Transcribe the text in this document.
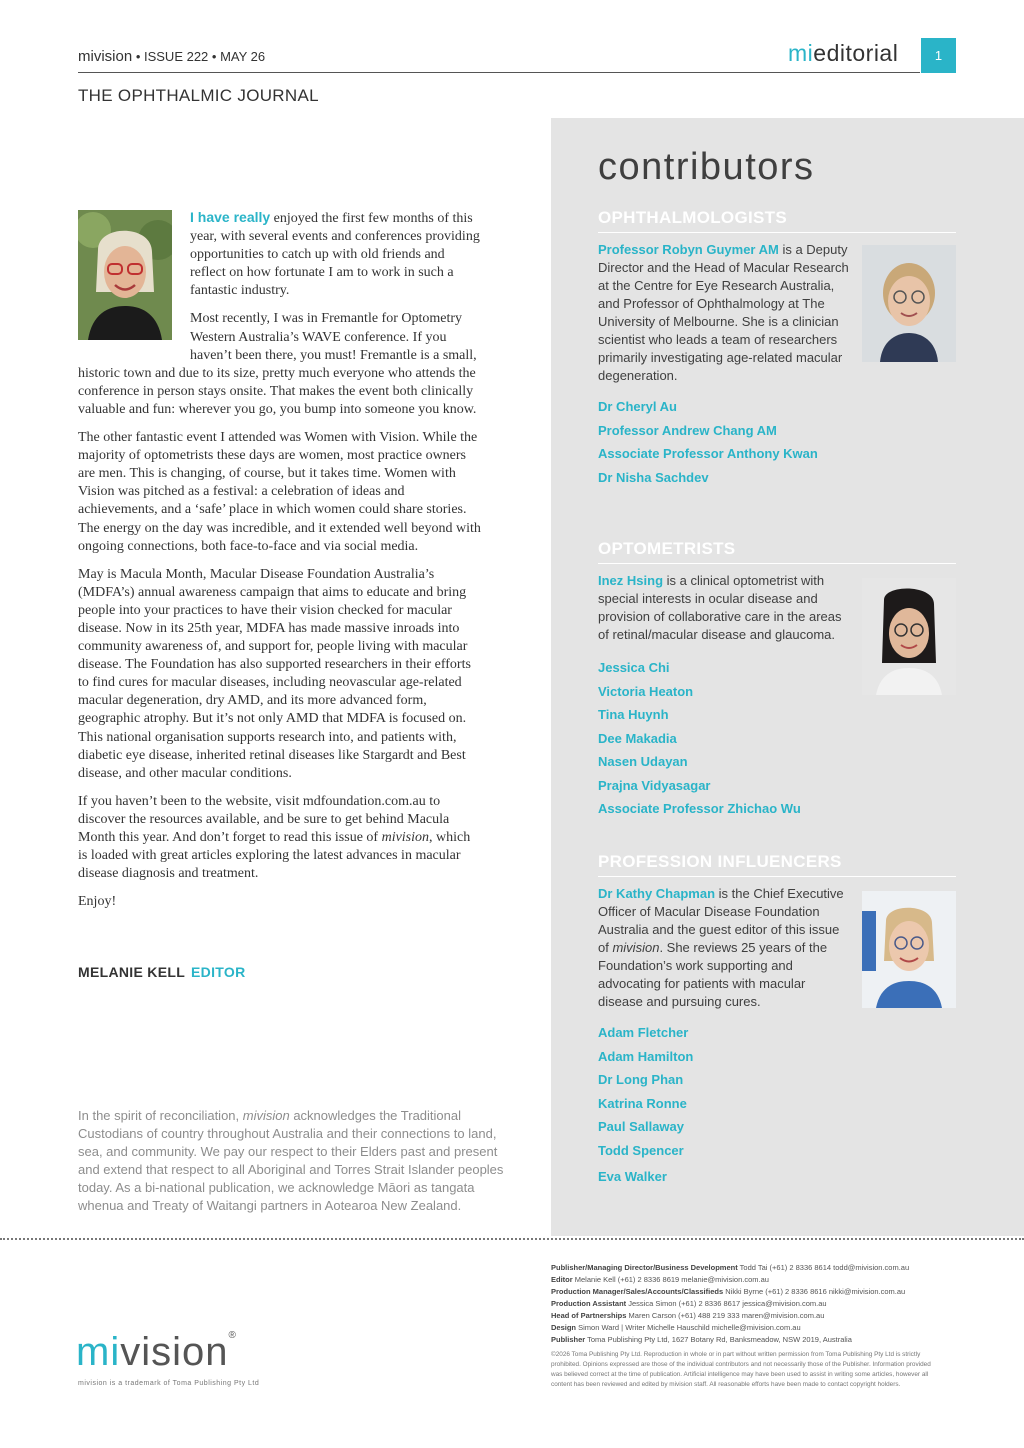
mivision • ISSUE 222 • MAY 26	mieditorial	1
THE OPHTHALMIC JOURNAL
contributors
OPHTHALMOLOGISTS
Professor Robyn Guymer AM is a Deputy Director and the Head of Macular Research at the Centre for Eye Research Australia, and Professor of Ophthalmology at The University of Melbourne. She is a clinician scientist who leads a team of researchers primarily investigating age-related macular degeneration.
Dr Cheryl Au
Professor Andrew Chang AM
Associate Professor Anthony Kwan
Dr Nisha Sachdev
OPTOMETRISTS
Inez Hsing is a clinical optometrist with special interests in ocular disease and provision of collaborative care in the areas of retinal/macular disease and glaucoma.
Jessica Chi
Victoria Heaton
Tina Huynh
Dee Makadia
Nasen Udayan
Prajna Vidyasagar
Associate Professor Zhichao Wu
PROFESSION INFLUENCERS
Dr Kathy Chapman is the Chief Executive Officer of Macular Disease Foundation Australia and the guest editor of this issue of mivision. She reviews 25 years of the Foundation’s work supporting and advocating for patients with macular disease and pursuing cures.
Adam Fletcher
Adam Hamilton
Dr Long Phan
Katrina Ronne
Paul Sallaway
Todd Spencer
Eva Walker

I have really enjoyed the first few months of this year, with several events and conferences providing opportunities to catch up with old friends and reflect on how fortunate I am to work in such a fantastic industry.

Most recently, I was in Fremantle for Optometry Western Australia’s WAVE conference. If you haven’t been there, you must! Fremantle is a small, historic town and due to its size, pretty much everyone who attends the conference in person stays onsite. That makes the event both clinically valuable and fun: wherever you go, you bump into someone you know.

The other fantastic event I attended was Women with Vision. While the majority of optometrists these days are women, most practice owners are men. This is changing, of course, but it takes time. Women with Vision was pitched as a festival: a celebration of ideas and achievements, and a ‘safe’ place in which women could share stories. The energy on the day was incredible, and it extended well beyond with ongoing connections, both face-to-face and via social media.

May is Macula Month, Macular Disease Foundation Australia’s (MDFA’s) annual awareness campaign that aims to educate and bring people into your practices to have their vision checked for macular disease. Now in its 25th year, MDFA has made massive inroads into community awareness of, and support for, people living with macular disease. The Foundation has also supported researchers in their efforts to find cures for macular diseases, including neovascular age-related macular degeneration, dry AMD, and its more advanced form, geographic atrophy. But it’s not only AMD that MDFA is focused on. This national organisation supports research into, and patients with, diabetic eye disease, inherited retinal diseases like Stargardt and Best disease, and other macular conditions.

If you haven’t been to the website, visit mdfoundation.com.au to discover the resources available, and be sure to get behind Macula Month this year. And don’t forget to read this issue of mivision, which is loaded with great articles exploring the latest advances in macular disease diagnosis and treatment.

Enjoy!

MELANIE KELL EDITOR
In the spirit of reconciliation, mivision acknowledges the Traditional Custodians of country throughout Australia and their connections to land, sea, and community. We pay our respect to their Elders past and present and extend that respect to all Aboriginal and Torres Strait Islander peoples today. As a bi-national publication, we acknowledge Māori as tangata whenua and Treaty of Waitangi partners in Aotearoa New Zealand.
mivision®
mivision is a trademark of Toma Publishing Pty Ltd
Publisher/Managing Director/Business Development Todd Tai (+61) 2 8336 8614 todd@mivision.com.au
Editor Melanie Kell (+61) 2 8336 8619 melanie@mivision.com.au
Production Manager/Sales/Accounts/Classifieds Nikki Byrne (+61) 2 8336 8616 nikki@mivision.com.au
Production Assistant Jessica Simon (+61) 2 8336 8617 jessica@mivision.com.au
Head of Partnerships Maren Carson (+61) 488 219 333 maren@mivision.com.au
Design Simon Ward | Writer Michelle Hauschild michelle@mivision.com.au
Publisher Toma Publishing Pty Ltd, 1627 Botany Rd, Banksmeadow, NSW 2019, Australia
©2026 Toma Publishing Pty Ltd. Reproduction in whole or in part without written permission from Toma Publishing Pty Ltd is strictly prohibited. Opinions expressed are those of the individual contributors and not necessarily those of the Publisher. Information provided was believed correct at the time of publication. Artificial intelligence may have been used to assist in writing some articles, however all content has been reviewed and edited by mivision staff. All reasonable efforts have been made to contact copyright holders.
